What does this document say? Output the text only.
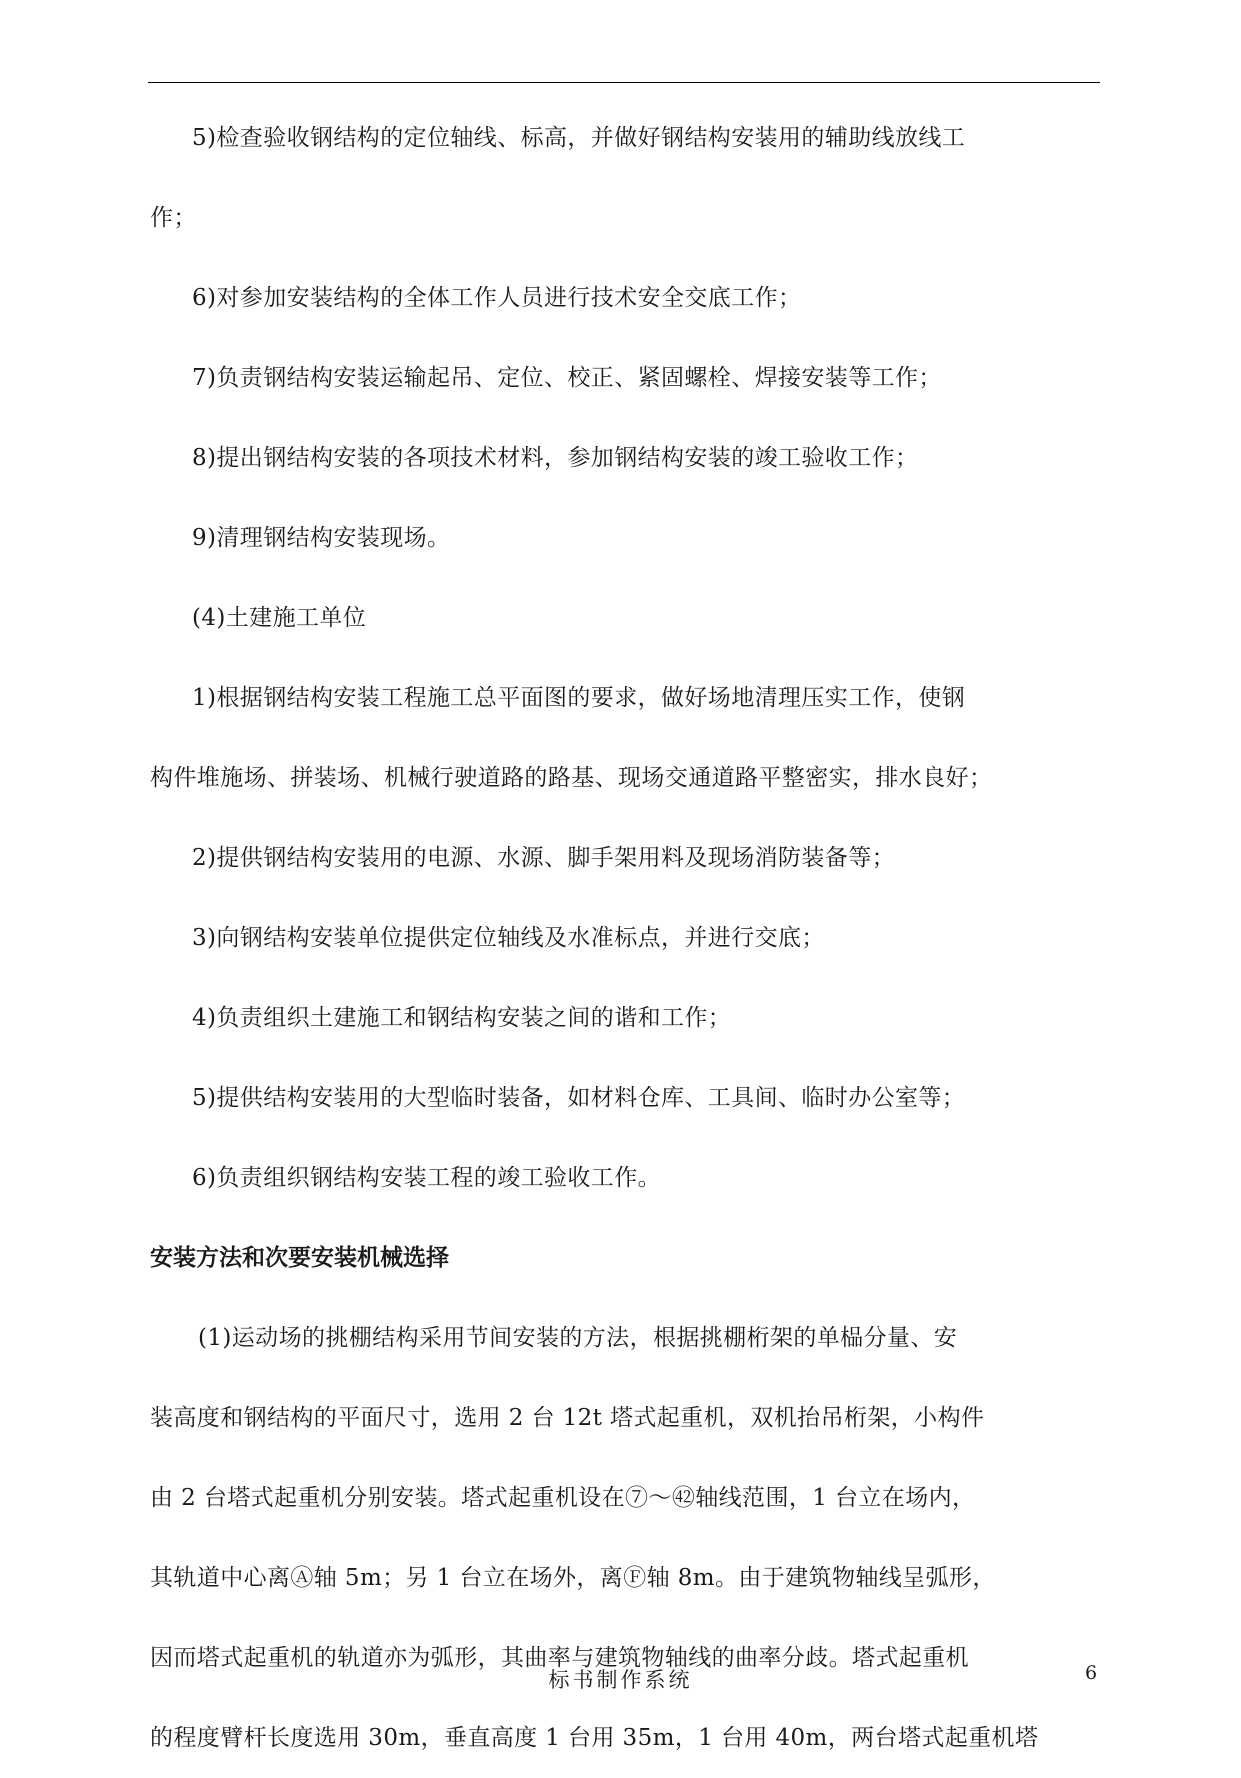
5)检查验收钢结构的定位轴线、标高，并做好钢结构安装用的辅助线放线工
作；
6)对参加安装结构的全体工作人员进行技术安全交底工作；
7)负责钢结构安装运输起吊、定位、校正、紧固螺栓、焊接安装等工作；
8)提出钢结构安装的各项技术材料，参加钢结构安装的竣工验收工作；
9)清理钢结构安装现场。
(4)土建施工单位
1)根据钢结构安装工程施工总平面图的要求，做好场地清理压实工作，使钢
构件堆施场、拼装场、机械行驶道路的路基、现场交通道路平整密实，排水良好；
2)提供钢结构安装用的电源、水源、脚手架用料及现场消防装备等；
3)向钢结构安装单位提供定位轴线及水准标点，并进行交底；
4)负责组织土建施工和钢结构安装之间的谐和工作；
5)提供结构安装用的大型临时装备，如材料仓库、工具间、临时办公室等；
6)负责组织钢结构安装工程的竣工验收工作。
安装方法和次要安装机械选择
(1)运动场的挑棚结构采用节间安装的方法，根据挑棚桁架的单榀分量、安
装高度和钢结构的平面尺寸，选用 2 台 12t 塔式起重机，双机抬吊桁架，小构件
由 2 台塔式起重机分别安装。塔式起重机设在⑦～㊷轴线范围，1 台立在场内，
其轨道中心离Ⓐ轴 5m；另 1 台立在场外，离Ⓕ轴 8m。由于建筑物轴线呈弧形，
因而塔式起重机的轨道亦为弧形，其曲率与建筑物轴线的曲率分歧。塔式起重机
的程度臂杆长度选用 30m，垂直高度 1 台用 35m，1 台用 40m，两台塔式起重机塔
标书制作系统	6
